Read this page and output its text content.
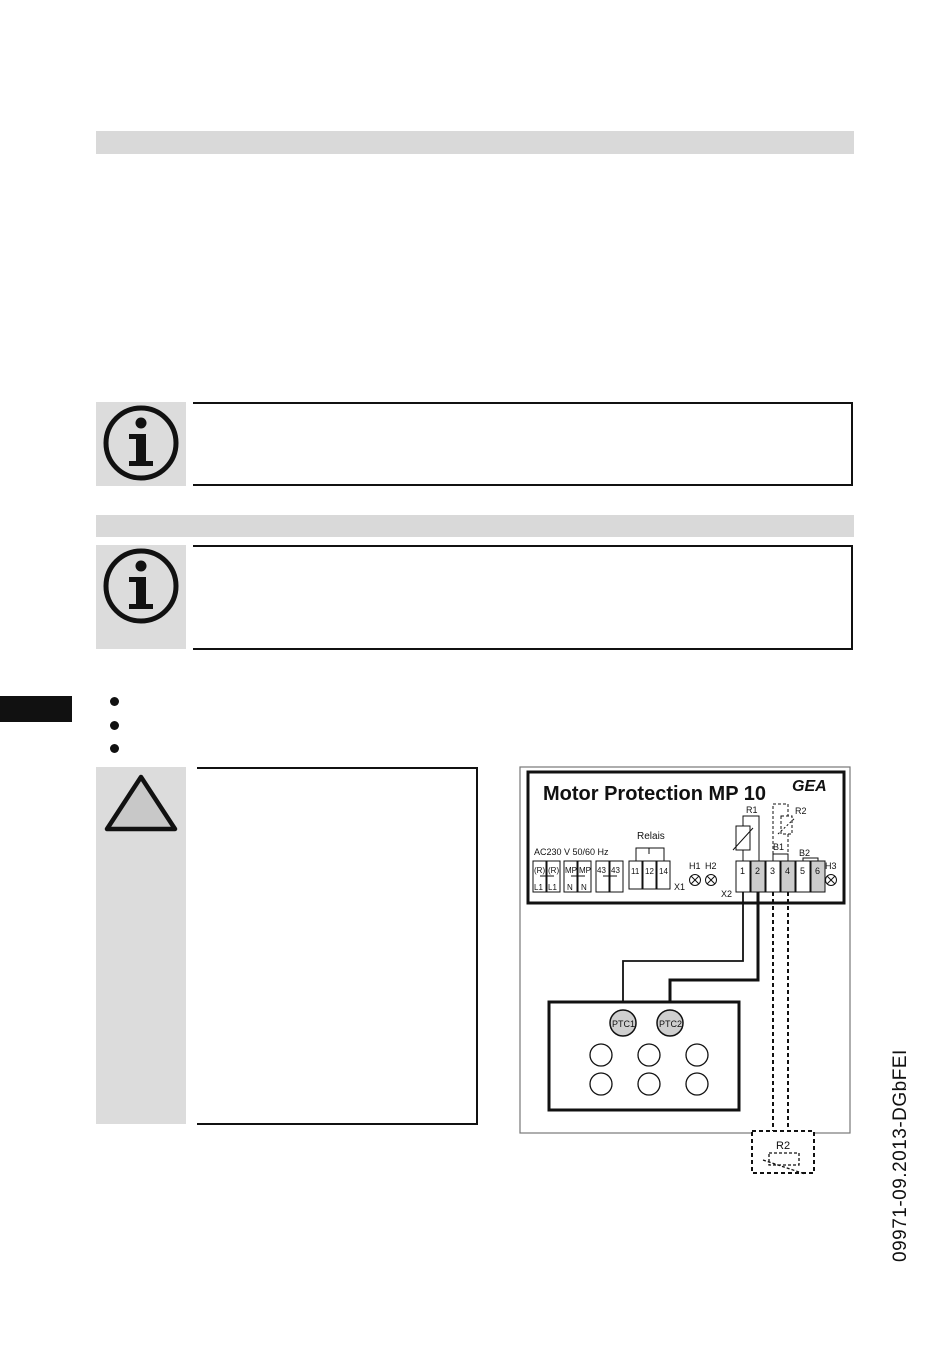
Motor Protection MP 10 GEA
AC230 V 50/60 Hz
Relais
(R) (R) MP MP 43 43
L1 L1 N N
11 12 14
X1
H1 H2
X2
1 2 3 4 5 6
B1
B2
H3
R1	R2
PTC1	PTC2
R2	09971-09.2013-DGbFEI
